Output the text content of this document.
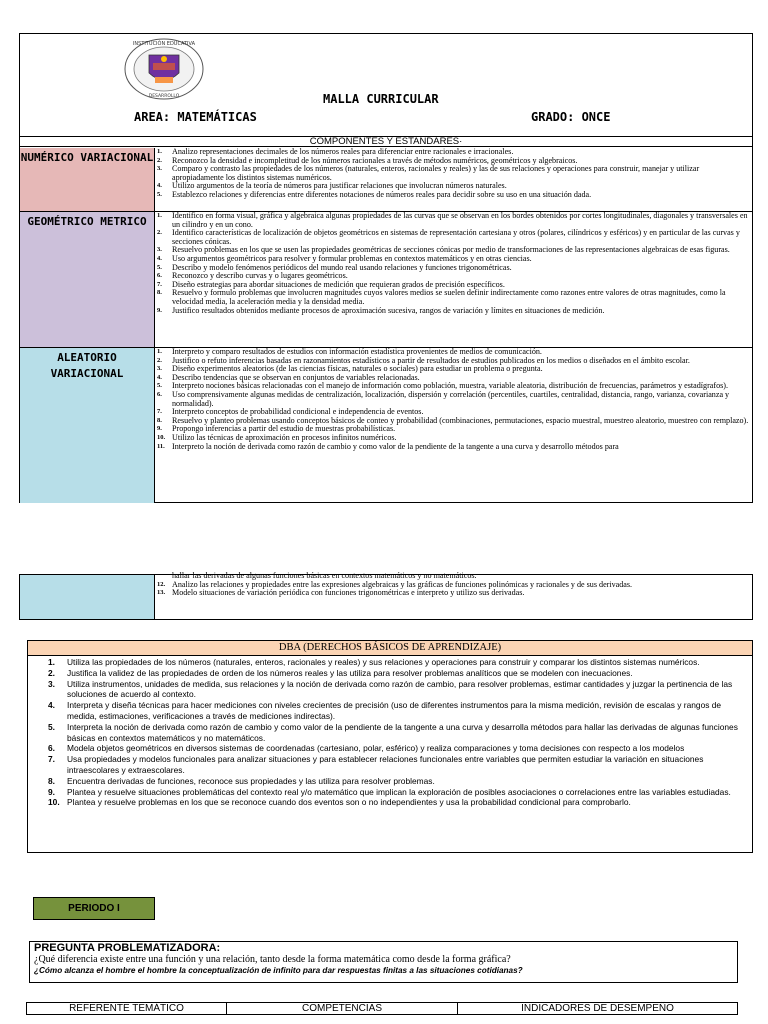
INSTITUCIÓN EDUCATIVA
DESARROLLO	MALLA CURRICULAR
AREA: MATEMÁTICAS	GRADO: ONCE
NUMÉRICO VARIACIONAL 1. Analizo representaciones decimales de los números reales para diferenciar entre racionales e irracionales.
2. Reconozco la densidad e incompletitud de los números racionales a través de métodos numéricos, geométricos y algebraicos.
3. Comparo y contrasto las propiedades de los números (naturales, enteros, racionales y reales) y las de sus relaciones y operaciones para construir, manejar y utilizar apropiadamente los distintos sistemas numéricos.
4. Utilizo argumentos de la teoría de números para justificar relaciones que involucran números naturales.
5. Establezco relaciones y diferencias entre diferentes notaciones de números reales para decidir sobre su uso en una situación dada.
GEOMÉTRICO METRICO	1. Identifico en forma visual, gráfica y algebraica algunas propiedades de las curvas que se observan en los bordes obtenidos por cortes longitudinales, diagonales y transversales en un cilindro y en un cono.
2. Identifico características de localización de objetos geométricos en sistemas de representación cartesiana y otros (polares, cilíndricos y esféricos) y en particular de las curvas y secciones cónicas.
3. Resuelvo problemas en los que se usen las propiedades geométricas de secciones cónicas por medio de transformaciones de las representaciones algebraicas de esas figuras.
4. Uso argumentos geométricos para resolver y formular problemas en contextos matemáticos y en otras ciencias.
5. Describo y modelo fenómenos periódicos del mundo real usando relaciones y funciones trigonométricas.
6. Reconozco y describo curvas y o lugares geométricos.
7. Diseño estrategias para abordar situaciones de medición que requieran grados de precisión específicos.
8. Resuelvo y formulo problemas que involucren magnitudes cuyos valores medios se suelen definir indirectamente como razones entre valores de otras magnitudes, como la velocidad media, la aceleración media y la densidad media.
9. Justifico resultados obtenidos mediante procesos de aproximación sucesiva, rangos de variación y límites en situaciones de medición.
ALEATORIO VARIACIONAL
1. Interpreto y comparo resultados de estudios con información estadística provenientes de medios de comunicación.
2. Justifico o refuto inferencias basadas en razonamientos estadísticos a partir de resultados de estudios publicados en los medios o diseñados en el ámbito escolar.
3. Diseño experimentos aleatorios (de las ciencias físicas, naturales o sociales) para estudiar un problema o pregunta.
4. Describo tendencias que se observan en conjuntos de variables relacionadas.
5. Interpreto nociones básicas relacionadas con el manejo de información como población, muestra, variable aleatoria, distribución de frecuencias, parámetros y estadígrafos).
6. Uso comprensivamente algunas medidas de centralización, localización, dispersión y correlación (percentiles, cuartiles, centralidad, distancia, rango, varianza, covarianza y normalidad).
7. Interpreto conceptos de probabilidad condicional e independencia de eventos.
8. Resuelvo y planteo problemas usando conceptos básicos de conteo y probabilidad (combinaciones, permutaciones, espacio muestral, muestreo aleatorio, muestreo con remplazo).
9. Propongo inferencias a partir del estudio de muestras probabilísticas.
10. Utilizo las técnicas de aproximación en procesos infinitos numéricos.
11. Interpreto la noción de derivada como razón de cambio y como valor de la pendiente de la tangente a una curva y desarrollo métodos para
COMPONENTES Y ESTANDARES·
hallar las derivadas de algunas funciones básicas en contextos matemáticos y no matemáticos.
12. Analizo las relaciones y propiedades entre las expresiones algebraicas y las gráficas de funciones polinómicas y racionales y de sus derivadas.
13. Modelo situaciones de variación periódica con funciones trigonométricas e interpreto y utilizo sus derivadas.
DBA (DERECHOS BÁSICOS DE APRENDIZAJE)
1. Utiliza las propiedades de los números (naturales, enteros, racionales y reales) y sus relaciones y operaciones para construir y comparar los distintos sistemas numéricos.
2. Justifica la validez de las propiedades de orden de los números reales y las utiliza para resolver problemas analíticos que se modelen con inecuaciones.
3. Utiliza instrumentos, unidades de medida, sus relaciones y la noción de derivada como razón de cambio, para resolver problemas, estimar cantidades y juzgar la pertinencia de las soluciones de acuerdo al contexto.
4. Interpreta y diseña técnicas para hacer mediciones con niveles crecientes de precisión (uso de diferentes instrumentos para la misma medición, revisión de escalas y rangos de medida, estimaciones, verificaciones a través de mediciones indirectas).
5. Interpreta la noción de derivada como razón de cambio y como valor de la pendiente de la tangente a una curva y desarrolla métodos para hallar las derivadas de algunas funciones básicas en contextos matemáticos y no matemáticos.
6. Modela objetos geométricos en diversos sistemas de coordenadas (cartesiano, polar, esférico) y realiza comparaciones y toma decisiones con respecto a los modelos
7. Usa propiedades y modelos funcionales para analizar situaciones y para establecer relaciones funcionales entre variables que permiten estudiar la variación en situaciones intraescolares y extraescolares.
8. Encuentra derivadas de funciones, reconoce sus propiedades y las utiliza para resolver problemas.
9. Plantea y resuelve situaciones problemáticas del contexto real y/o matemático que implican la exploración de posibles asociaciones o correlaciones entre las variables estudiadas.
10. Plantea y resuelve problemas en los que se reconoce cuando dos eventos son o no independientes y usa la probabilidad condicional para comprobarlo.
PERIODO I
PREGUNTA PROBLEMATIZADORA:
¿Qué diferencia existe entre una función y una relación, tanto desde la forma matemática como desde la forma gráfica?
¿Cómo alcanza el hombre el hombre la conceptualización de infinito para dar respuestas finitas a las situaciones cotidianas?
REFERENTE TEMÁTICO	COMPETENCIAS	INDICADORES DE DESEMPEÑO
